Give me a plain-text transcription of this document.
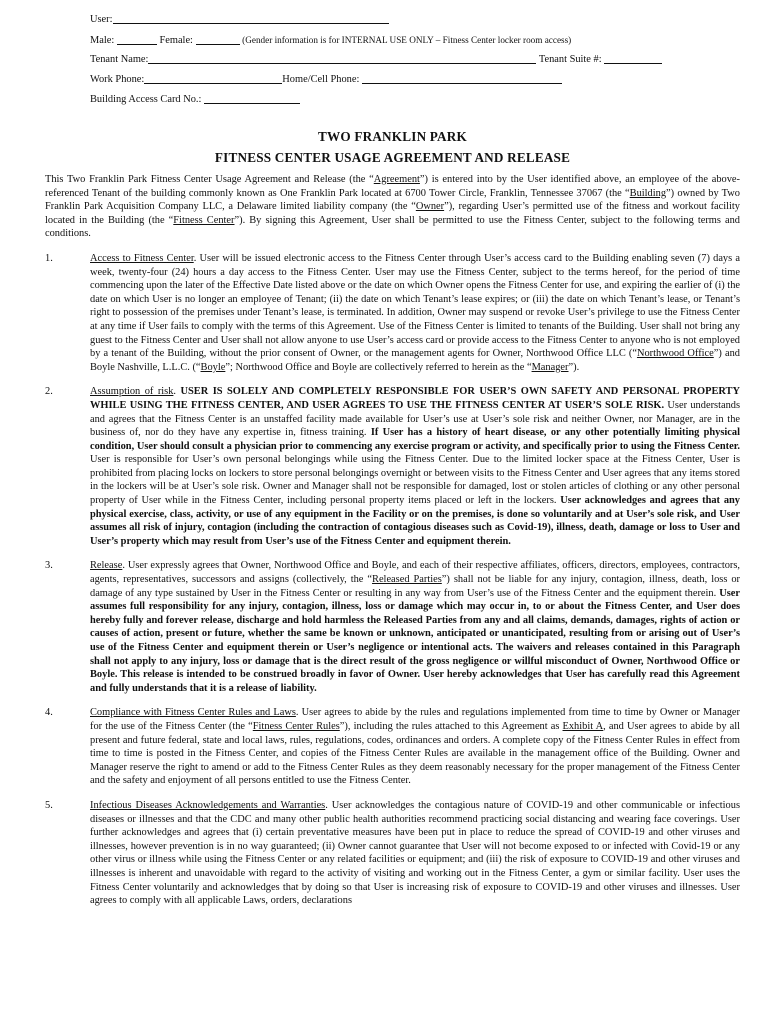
User:
Male:	Female:	(Gender information is for INTERNAL USE ONLY – Fitness Center locker room access)
Tenant Name:	Tenant Suite #:
Work Phone:	Home/Cell Phone:
Building Access Card No.:
TWO FRANKLIN PARK
FITNESS CENTER USAGE AGREEMENT AND RELEASE

This Two Franklin Park Fitness Center Usage Agreement and Release (the “Agreement”) is entered into by the User identified above, an employee of the above-referenced Tenant of the building commonly known as One Franklin Park located at 6700 Tower Circle, Franklin, Tennessee 37067 (the “Building”) owned by Two Franklin Park Acquisition Company LLC, a Delaware limited liability company (the “Owner”), regarding User’s permitted use of the fitness and workout facility located in the Building (the “Fitness Center”). By signing this Agreement, User shall be permitted to use the Fitness Center, subject to the following terms and conditions.

1.	Access to Fitness Center. User will be issued electronic access to the Fitness Center through User’s access card to the Building enabling seven (7) days a week, twenty-four (24) hours a day access to the Fitness Center. User may use the Fitness Center, subject to the terms hereof, for the period of time commencing upon the later of the Effective Date listed above or the date on which Owner opens the Fitness Center for use, and expiring the earlier of (i) the date on which User is no longer an employee of Tenant; (ii) the date on which Tenant’s lease expires; or (iii) the date on which Tenant’s lease, or Tenant’s right to possession of the premises under Tenant’s lease, is terminated. In addition, Owner may suspend or revoke User’s privilege to use the Fitness Center at any time if User fails to comply with the terms of this Agreement. Use of the Fitness Center is limited to tenants of the Building. User shall not bring any guest to the Fitness Center and User shall not allow anyone to use User’s access card or provide access to the Fitness Center to anyone who is not employed by a tenant of the Building, without the prior consent of Owner, or the management agents for Owner, Northwood Office LLC (“Northwood Office”) and Boyle Nashville, L.L.C. (“Boyle”; Northwood Office and Boyle are collectively referred to herein as the “Manager”).
2.	Assumption of risk. USER IS SOLELY AND COMPLETELY RESPONSIBLE FOR USER’S OWN SAFETY AND PERSONAL PROPERTY WHILE USING THE FITNESS CENTER, AND USER AGREES TO USE THE FITNESS CENTER AT USER’S SOLE RISK. User understands and agrees that the Fitness Center is an unstaffed facility made available for User’s use at User’s sole risk and neither Owner, nor Manager, are in the business of, nor do they have any expertise in, fitness training. If User has a history of heart disease, or any other potentially limiting physical condition, User should consult a physician prior to commencing any exercise program or activity, and specifically prior to using the Fitness Center. User is responsible for User’s own personal belongings while using the Fitness Center. Due to the limited locker space at the Fitness Center, User is prohibited from placing locks on lockers to store personal belongings overnight or between visits to the Fitness Center and User agrees that any items stored in the lockers will be at User’s sole risk. Owner and Manager shall not be responsible for damaged, lost or stolen articles of clothing or any other personal property of User while in the Fitness Center, including personal property items placed or left in the lockers. User acknowledges and agrees that any physical exercise, class, activity, or use of any equipment in the Facility or on the premises, is done so voluntarily and at User’s sole risk, and User assumes all risk of injury, contagion (including the contraction of contagious diseases such as Covid-19), illness, death, damage or loss to User and User’s property which may result from User’s use of the Fitness Center and equipment therein.
3.	Release. User expressly agrees that Owner, Northwood Office and Boyle, and each of their respective affiliates, officers, directors, employees, contractors, agents, representatives, successors and assigns (collectively, the “Released Parties”) shall not be liable for any injury, contagion, illness, death, loss or damage of any type sustained by User in the Fitness Center or resulting in any way from User’s use of the Fitness Center and the equipment therein. User assumes full responsibility for any injury, contagion, illness, loss or damage which may occur in, to or about the Fitness Center, and User does hereby fully and forever release, discharge and hold harmless the Released Parties from any and all claims, demands, damages, rights of action or causes of action, present or future, whether the same be known or unknown, anticipated or unanticipated, resulting from or arising out of User’s use of the Fitness Center and equipment therein or User’s negligence or intentional acts. The waivers and releases contained in this Paragraph shall not apply to any injury, loss or damage that is the direct result of the gross negligence or willful misconduct of Owner, Northwood Office or Boyle. This release is intended to be construed broadly in favor of Owner. User hereby acknowledges that User has carefully read this Agreement and fully understands that it is a release of liability.
4.	Compliance with Fitness Center Rules and Laws. User agrees to abide by the rules and regulations implemented from time to time by Owner or Manager for the use of the Fitness Center (the “Fitness Center Rules”), including the rules attached to this Agreement as Exhibit A, and User agrees to abide by all present and future federal, state and local laws, rules, regulations, codes, ordinances and orders. A complete copy of the Fitness Center Rules in effect from time to time is posted in the Fitness Center, and copies of the Fitness Center Rules are available in the management office of the Building. Owner and Manager reserve the right to amend or add to the Fitness Center Rules as they deem reasonably necessary for the proper management of the Fitness Center and the safety and enjoyment of all persons entitled to use the Fitness Center.
5.	Infectious Diseases Acknowledgements and Warranties. User acknowledges the contagious nature of COVID-19 and other communicable or infectious diseases or illnesses and that the CDC and many other public health authorities recommend practicing social distancing and wearing face coverings. User further acknowledges and agrees that (i) certain preventative measures have been put in place to reduce the spread of COVID-19 and other viruses and illnesses, however prevention is in no way guaranteed; (ii) Owner cannot guarantee that User will not become exposed to or infected with Covid-19 or any other virus or illness while using the Fitness Center or any related facilities or equipment; and (iii) the risk of exposure to COVID-19 and other viruses and illnesses is inherent and unavoidable with regard to the activity of visiting and working out in the Fitness Center, a gym or similar facility. User uses the Fitness Center voluntarily and acknowledges that by doing so that User is increasing risk of exposure to COVID-19 and other viruses and illnesses. User agrees to comply with all applicable Laws, orders, declarations
